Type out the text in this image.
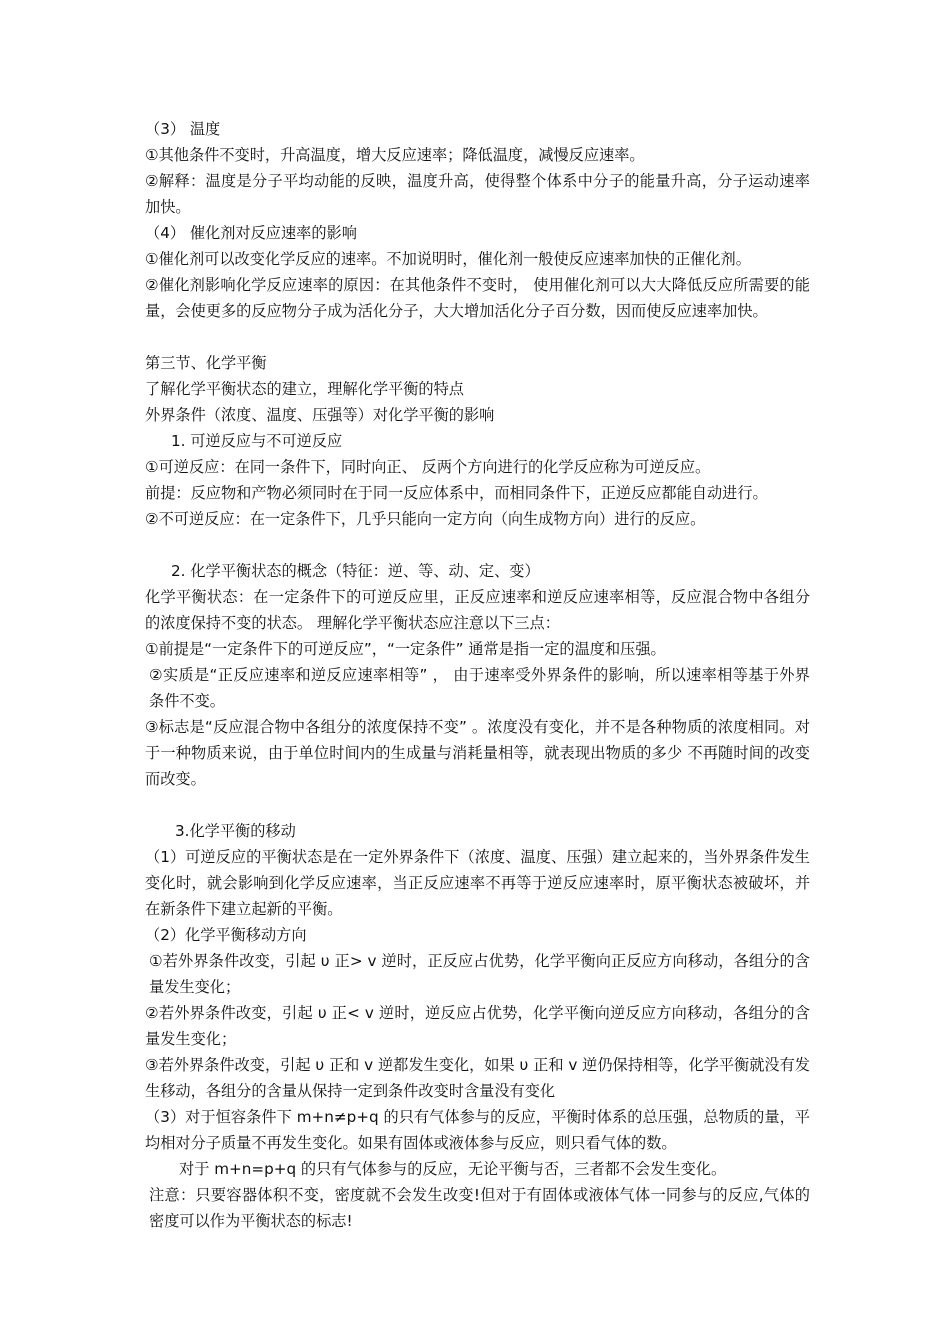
（3） 温度

①其他条件不变时，升高温度，增大反应速率；降低温度，减慢反应速率。

②解释：温度是分子平均动能的反映，温度升高，使得整个体系中分子的能量升高，分子运动速率加快。

（4） 催化剂对反应速率的影响

①催化剂可以改变化学反应的速率。不加说明时，催化剂一般使反应速率加快的正催化剂。

②催化剂影响化学反应速率的原因：在其他条件不变时， 使用催化剂可以大大降低反应所需要的能量，会使更多的反应物分子成为活化分子，大大增加活化分子百分数，因而使反应速率加快。

第三节、化学平衡

了解化学平衡状态的建立，理解化学平衡的特点

外界条件（浓度、温度、压强等）对化学平衡的影响

1. 可逆反应与不可逆反应

①可逆反应：在同一条件下，同时向正、 反两个方向进行的化学反应称为可逆反应。

前提：反应物和产物必须同时在于同一反应体系中，而相同条件下，正逆反应都能自动进行。

②不可逆反应：在一定条件下，几乎只能向一定方向（向生成物方向）进行的反应。

2. 化学平衡状态的概念（特征：逆、等、动、定、变）

化学平衡状态：在一定条件下的可逆反应里，正反应速率和逆反应速率相等，反应混合物中各组分的浓度保持不变的状态。 理解化学平衡状态应注意以下三点：

①前提是“一定条件下的可逆反应”，“一定条件” 通常是指一定的温度和压强。

②实质是“正反应速率和逆反应速率相等” ， 由于速率受外界条件的影响，所以速率相等基于外界条件不变。

③标志是“反应混合物中各组分的浓度保持不变” 。浓度没有变化，并不是各种物质的浓度相同。对于一种物质来说，由于单位时间内的生成量与消耗量相等，就表现出物质的多少 不再随时间的改变而改变。

3.化学平衡的移动

（1）可逆反应的平衡状态是在一定外界条件下（浓度、温度、压强）建立起来的，当外界条件发生变化时，就会影响到化学反应速率，当正反应速率不再等于逆反应速率时，原平衡状态被破坏，并在新条件下建立起新的平衡。

（2）化学平衡移动方向

①若外界条件改变，引起 υ 正> v 逆时，正反应占优势，化学平衡向正反应方向移动，各组分的含量发生变化；

②若外界条件改变，引起 υ 正< v 逆时，逆反应占优势，化学平衡向逆反应方向移动，各组分的含量发生变化；

③若外界条件改变，引起 υ 正和 v 逆都发生变化，如果 υ 正和 v 逆仍保持相等，化学平衡就没有发生移动，各组分的含量从保持一定到条件改变时含量没有变化

（3）对于恒容条件下 m+n≠p+q 的只有气体参与的反应，平衡时体系的总压强，总物质的量，平均相对分子质量不再发生变化。如果有固体或液体参与反应，则只看气体的数。

对于 m+n=p+q 的只有气体参与的反应，无论平衡与否，三者都不会发生变化。

注意：只要容器体积不变，密度就不会发生改变!但对于有固体或液体气体一同参与的反应,气体的密度可以作为平衡状态的标志!
